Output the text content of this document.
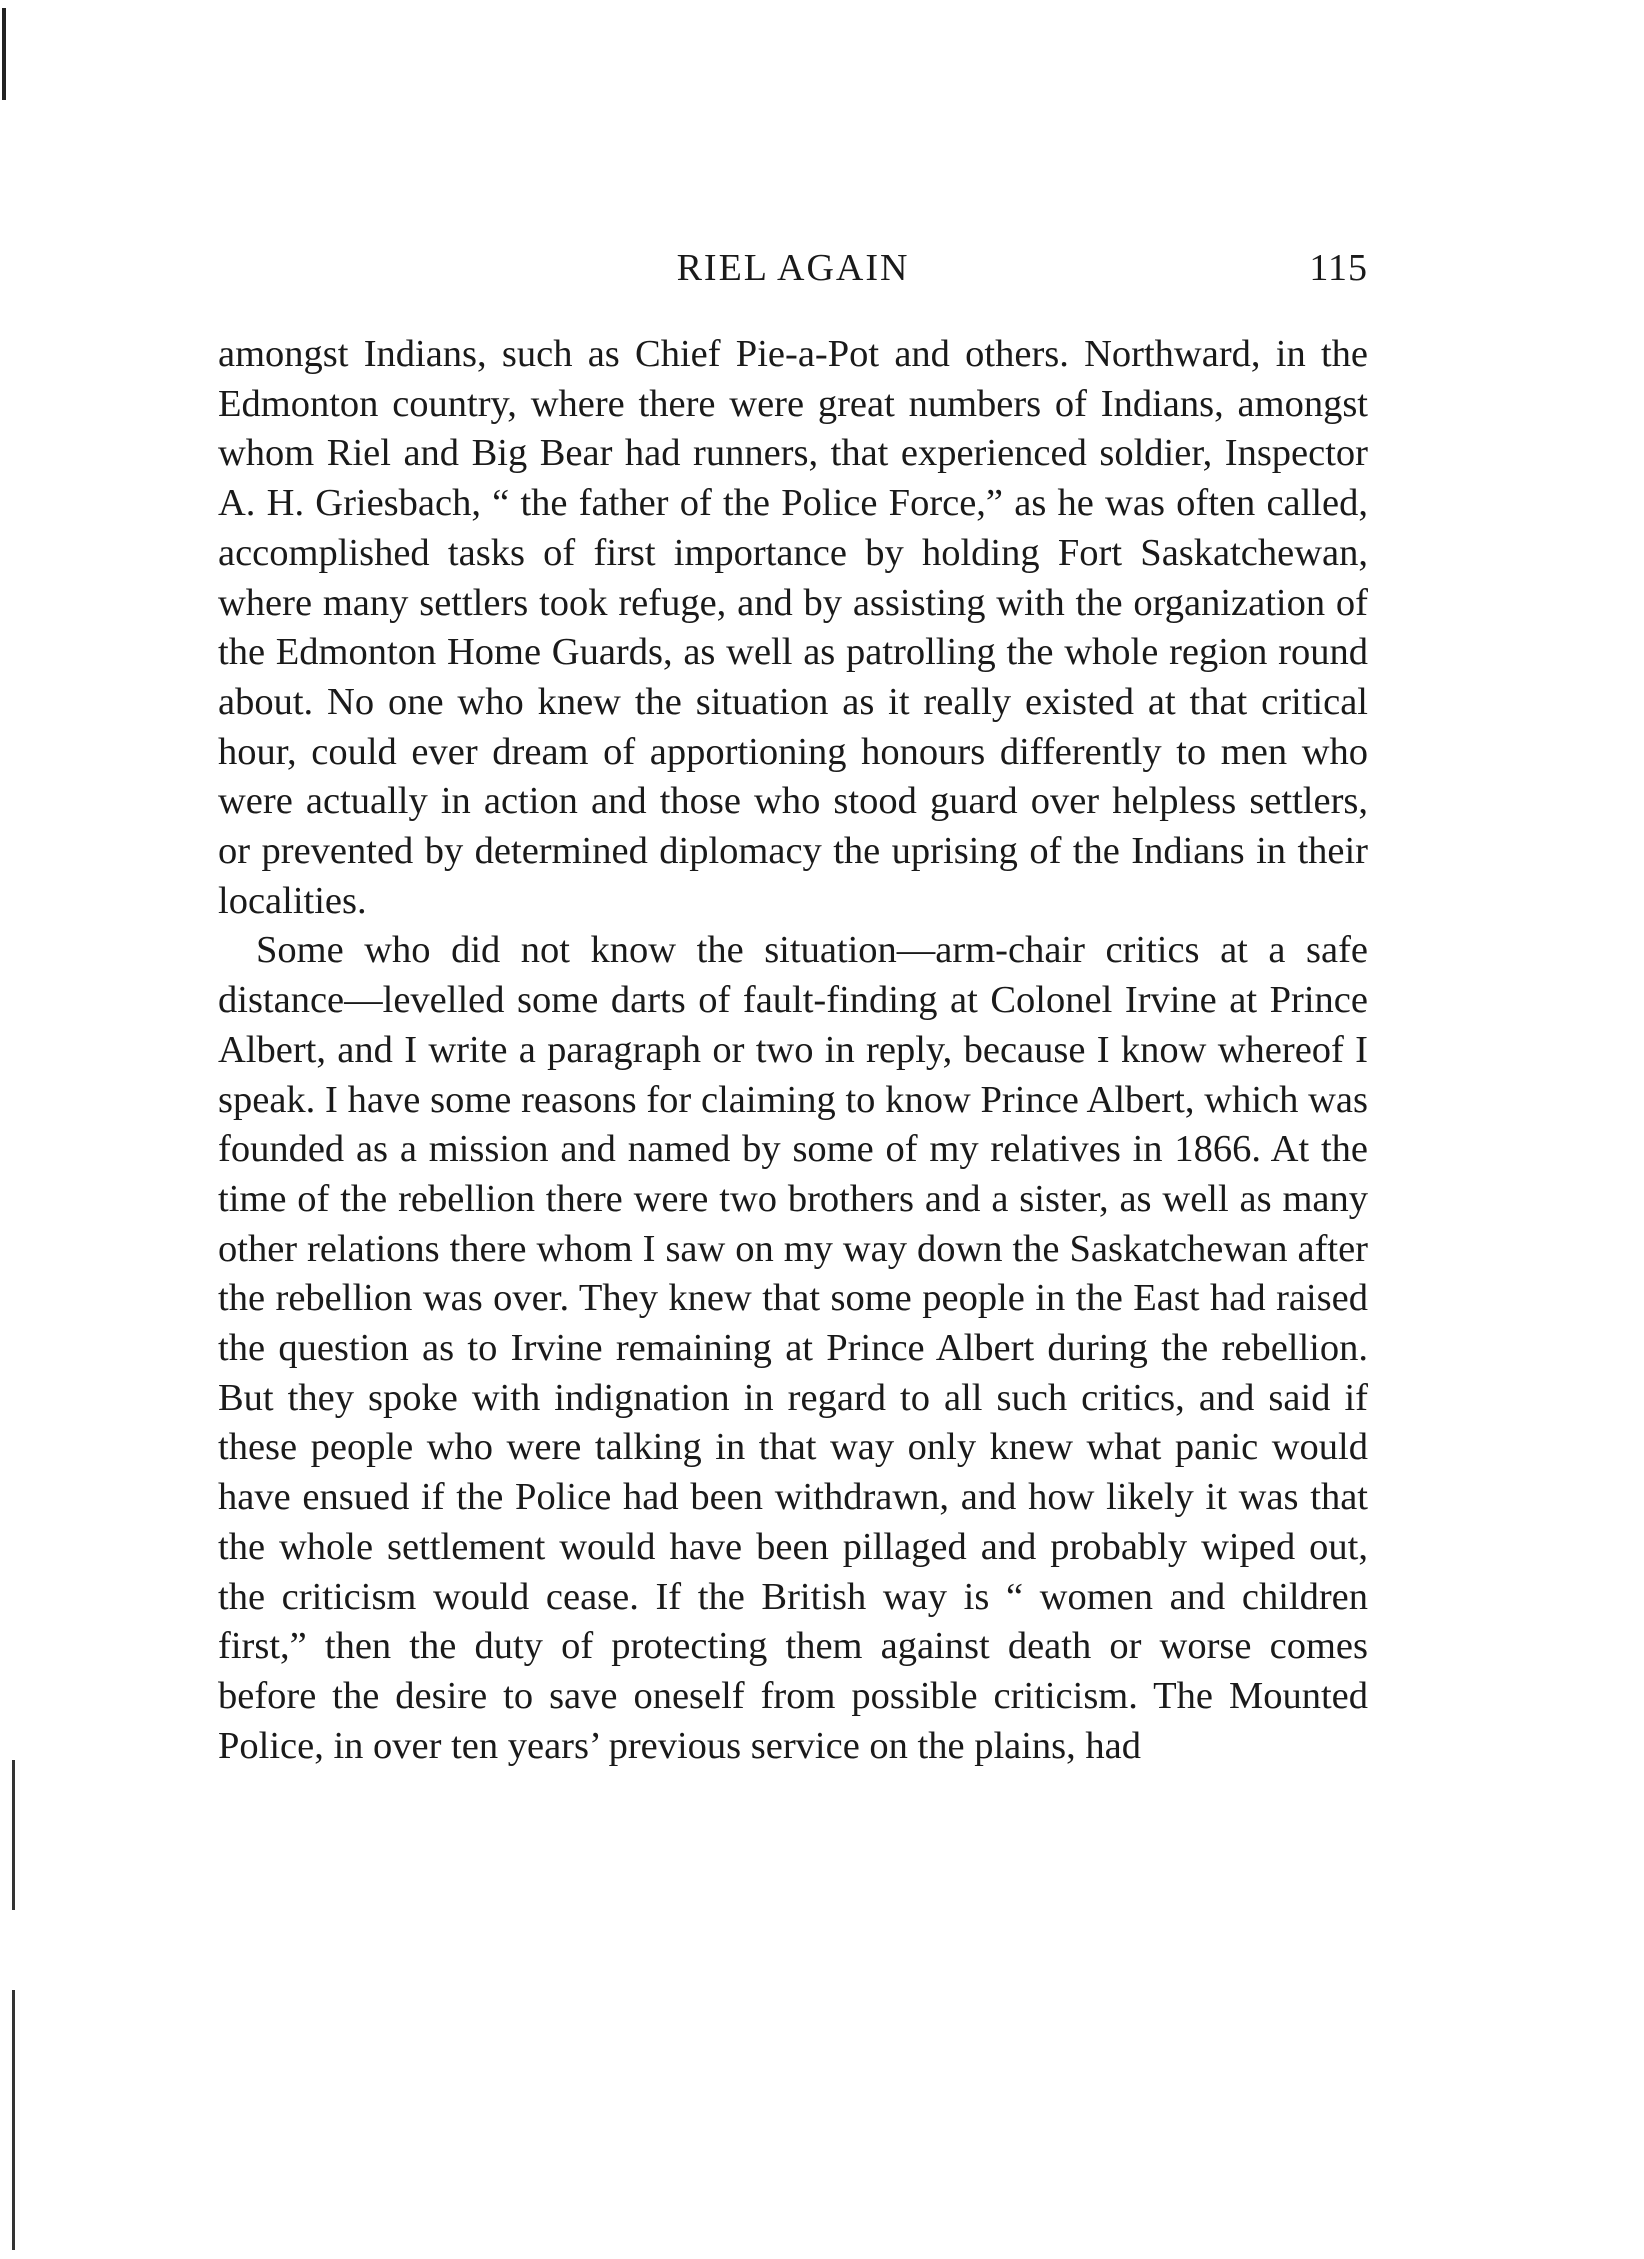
RIEL AGAIN	115

amongst Indians, such as Chief Pie-a-Pot and others. Northward, in the Edmonton country, where there were great numbers of Indians, amongst whom Riel and Big Bear had runners, that experienced soldier, Inspector A. H. Griesbach, “ the father of the Police Force,” as he was often called, accomplished tasks of first importance by holding Fort Saskatchewan, where many settlers took refuge, and by assisting with the organization of the Edmonton Home Guards, as well as patrolling the whole region round about. No one who knew the situation as it really existed at that critical hour, could ever dream of apportioning honours differently to men who were actually in action and those who stood guard over helpless settlers, or prevented by determined diplomacy the uprising of the Indians in their localities.

Some who did not know the situation—arm-chair critics at a safe distance—levelled some darts of fault-finding at Colonel Irvine at Prince Albert, and I write a paragraph or two in reply, because I know whereof I speak. I have some reasons for claiming to know Prince Albert, which was founded as a mission and named by some of my relatives in 1866. At the time of the rebellion there were two brothers and a sister, as well as many other relations there whom I saw on my way down the Saskatchewan after the rebellion was over. They knew that some people in the East had raised the question as to Irvine remaining at Prince Albert during the rebellion. But they spoke with indignation in regard to all such critics, and said if these people who were talking in that way only knew what panic would have ensued if the Police had been withdrawn, and how likely it was that the whole settlement would have been pillaged and probably wiped out, the criticism would cease. If the British way is “ women and children first,” then the duty of protecting them against death or worse comes before the desire to save oneself from possible criticism. The Mounted Police, in over ten years’ previous service on the plains, had
